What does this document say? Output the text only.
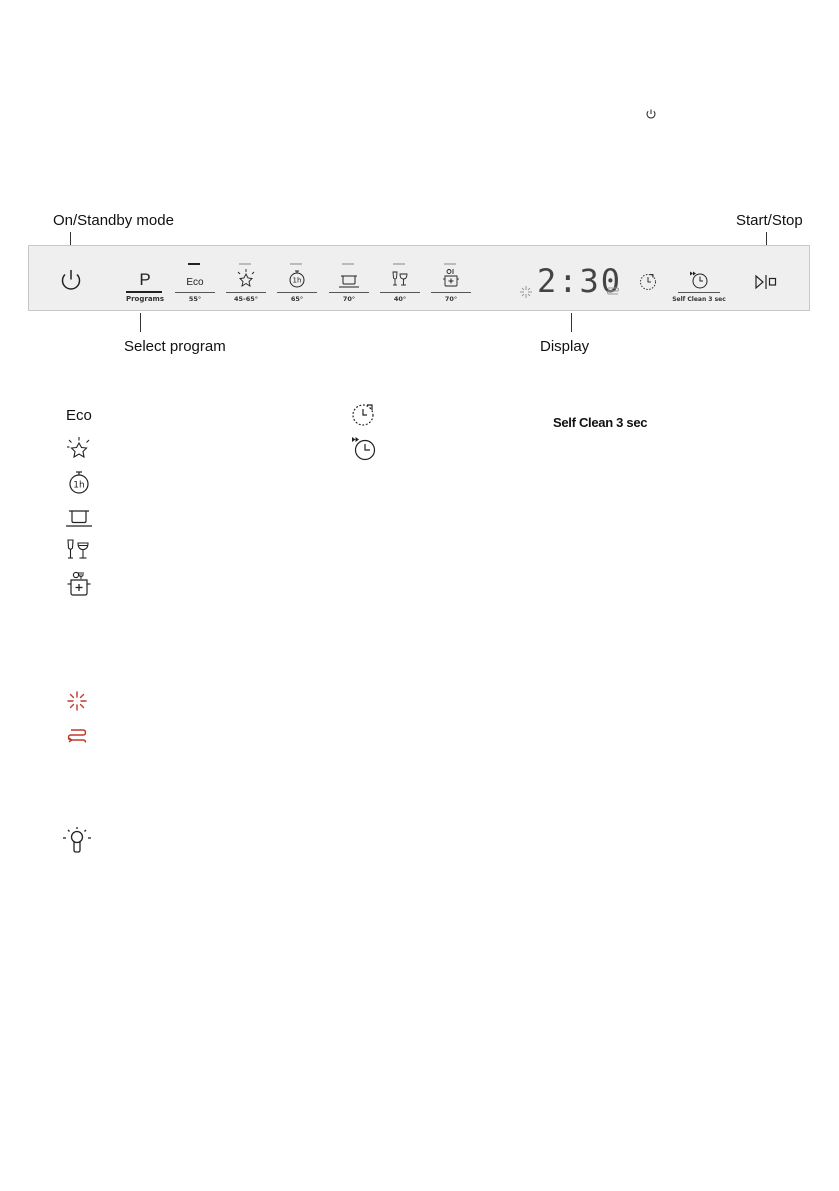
On/Standby mode	Start/Stop
P
Programs
Eco
55°	45-65°
1h
65°	70°	40°	70°	2:30	Self Clean 3 sec
Select program	Display
Eco
1h
Self Clean 3 sec
